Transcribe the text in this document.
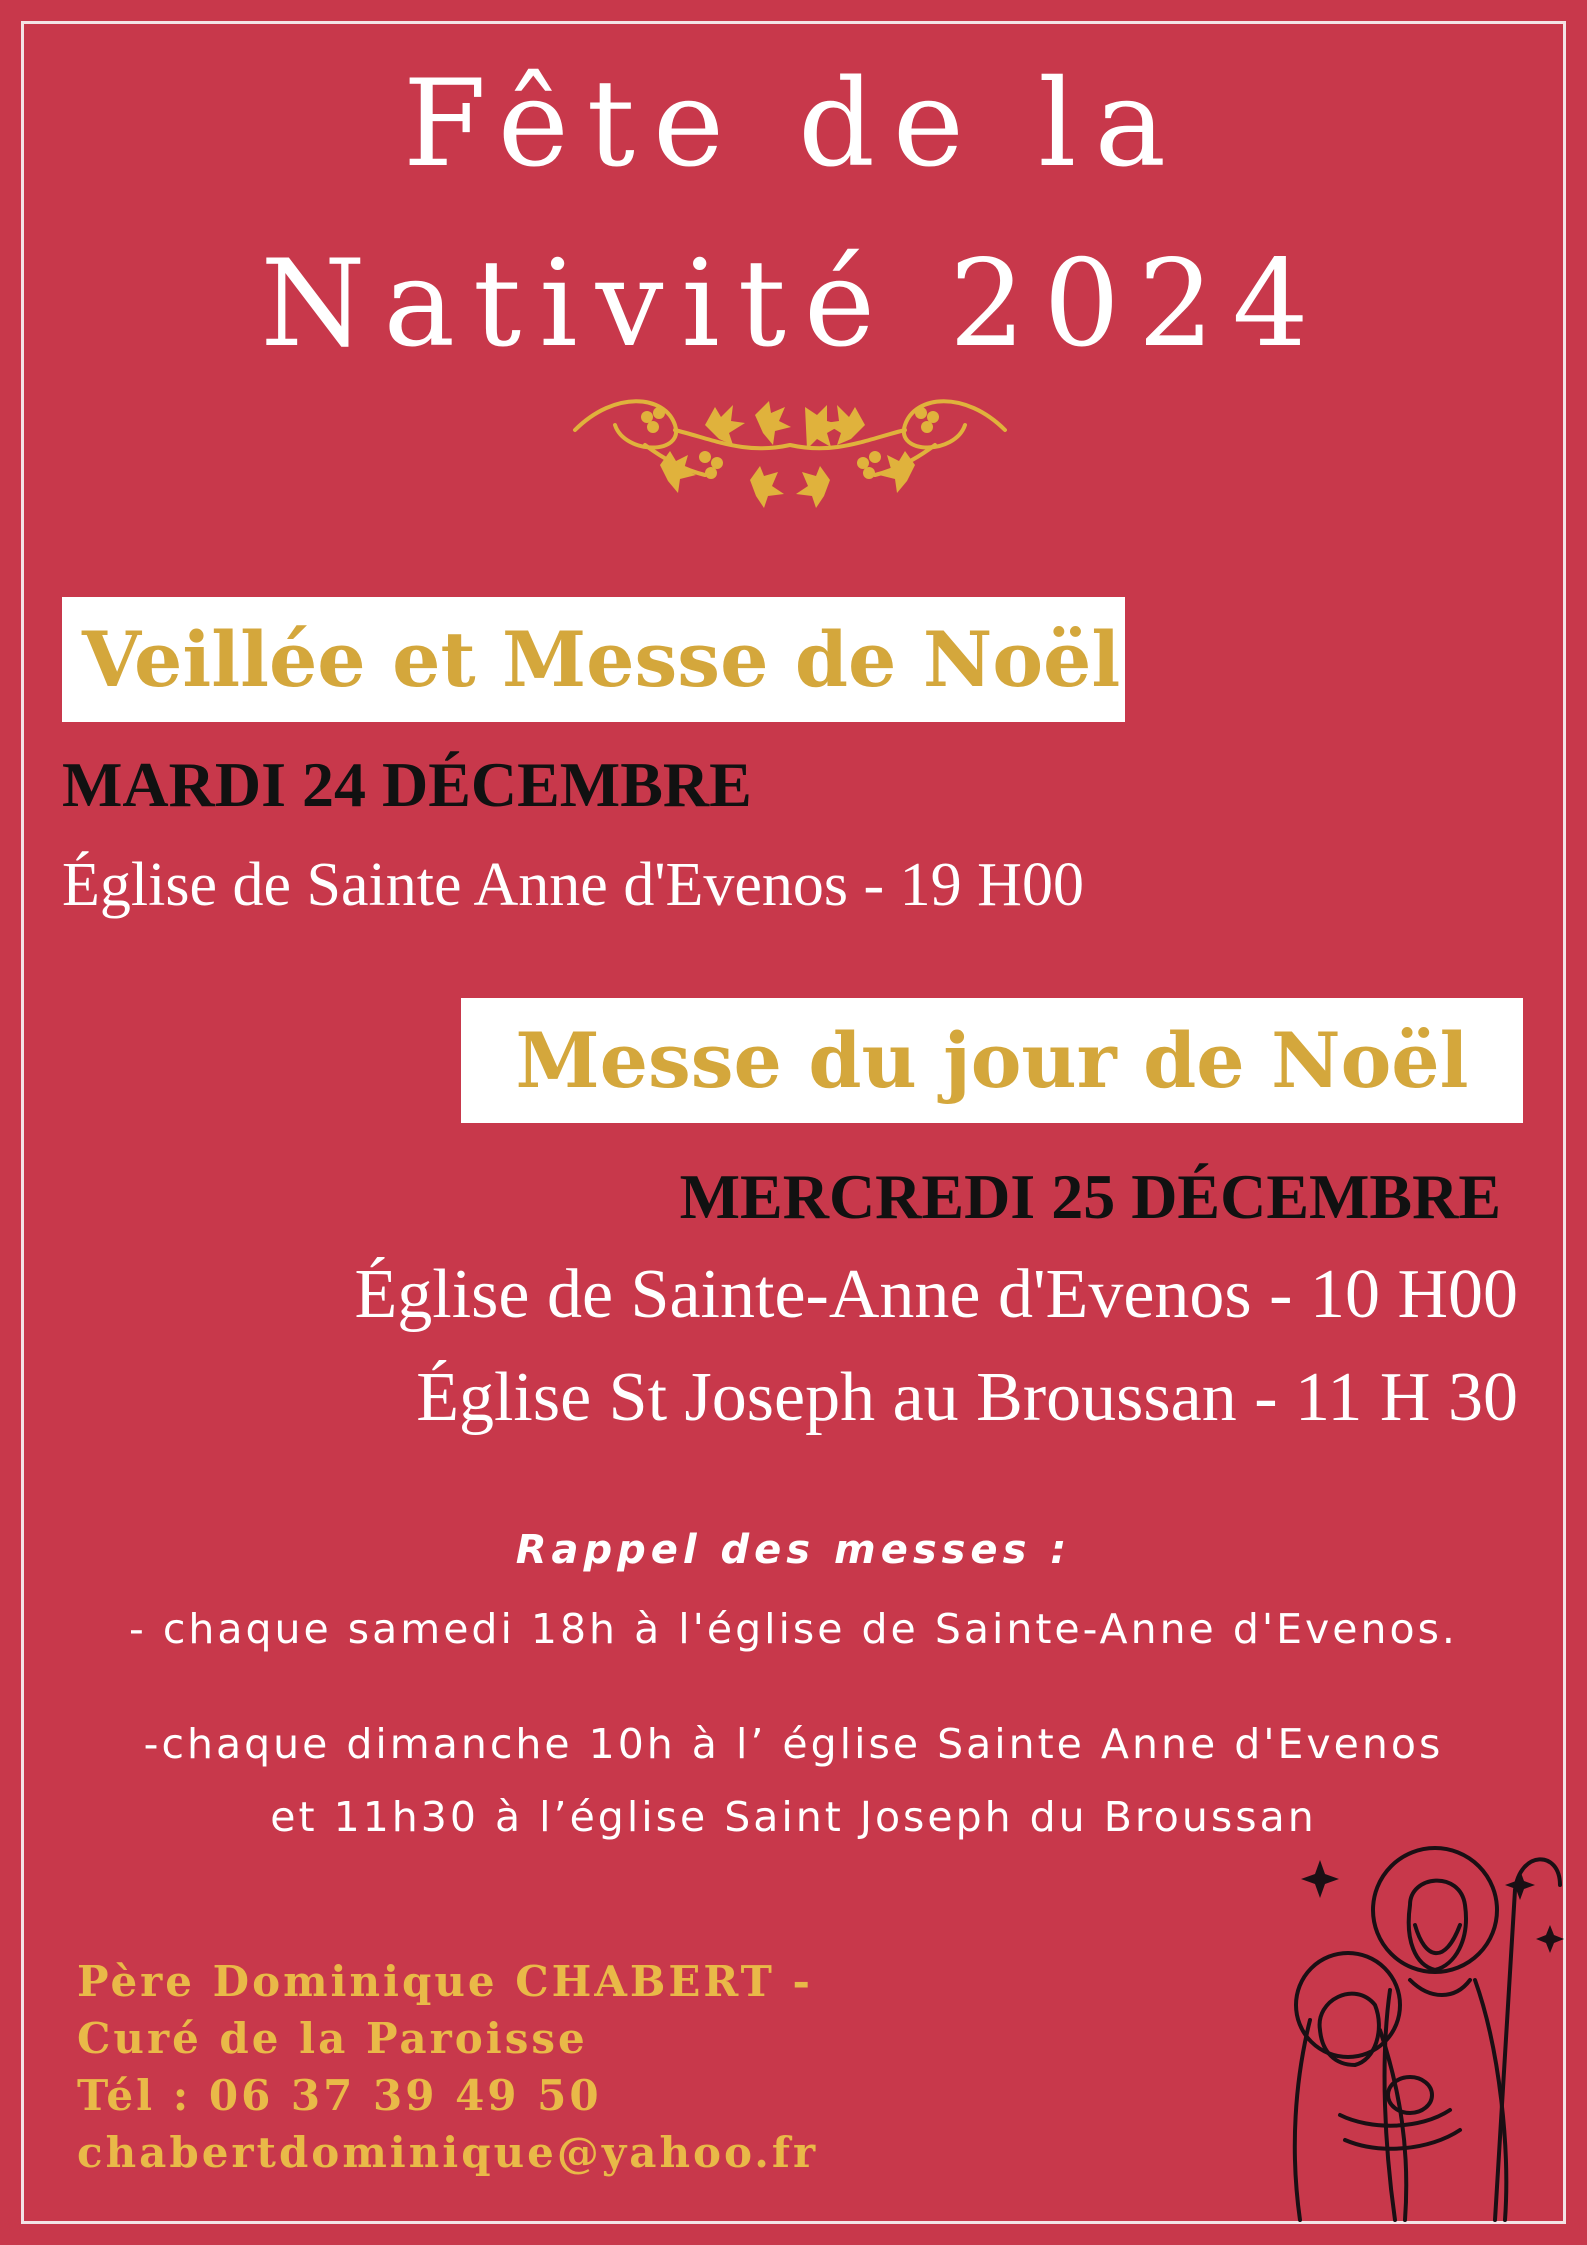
Fête de la
Nativité 2024
Veillée et Messe de Noël
MARDI 24 DÉCEMBRE
Église de Sainte Anne d'Evenos - 19 H00
Messe du jour de Noël
MERCREDI 25 DÉCEMBRE
Église de Sainte-Anne d'Evenos - 10 H00
Église St Joseph au Broussan - 11 H 30
Rappel des messes :
- chaque samedi 18h à l'église de Sainte-Anne d'Evenos.
-chaque dimanche 10h à l’ église Sainte Anne d'Evenos
et 11h30 à l’église Saint Joseph du Broussan
Père Dominique CHABERT -
Curé de la Paroisse
Tél : 06 37 39 49 50
chabertdominique@yahoo.fr
